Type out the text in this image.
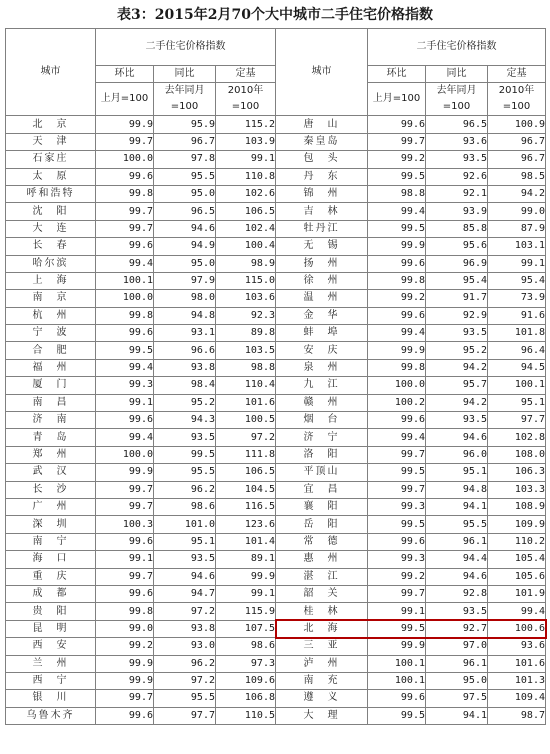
表3：2015年2月70个大中城市二手住宅价格指数
城市	二手住宅价格指数			城市	二手住宅价格指数		
	环比	同比	定基		环比	同比	定基
	上月=100	去年同月=100	2010年=100		上月=100	去年同月=100	2010年=100
北　京	99.9	95.9	115.2	唐　山	99.6	96.5	100.9
天　津	99.7	96.7	103.9	秦皇岛	99.7	93.6	96.7
石家庄	100.0	97.8	99.1	包　头	99.2	93.5	96.7
太　原	99.6	95.5	110.8	丹　东	99.5	92.6	98.5
呼和浩特	99.8	95.0	102.6	锦　州	98.8	92.1	94.2
沈　阳	99.7	96.5	106.5	吉　林	99.4	93.9	99.0
大　连	99.7	94.6	102.4	牡丹江	99.5	85.8	87.9
长　春	99.6	94.9	100.4	无　锡	99.9	95.6	103.1
哈尔滨	99.4	95.0	98.9	扬　州	99.6	96.9	99.1
上　海	100.1	97.9	115.0	徐　州	99.8	95.4	95.4
南　京	100.0	98.0	103.6	温　州	99.2	91.7	73.9
杭　州	99.8	94.8	92.3	金　华	99.6	92.9	91.6
宁　波	99.6	93.1	89.8	蚌　埠	99.4	93.5	101.8
合　肥	99.5	96.6	103.5	安　庆	99.9	95.2	96.4
福　州	99.4	93.8	98.8	泉　州	99.8	94.2	94.5
厦　门	99.3	98.4	110.4	九　江	100.0	95.7	100.1
南　昌	99.1	95.2	101.6	赣　州	100.2	94.2	95.1
济　南	99.6	94.3	100.5	烟　台	99.6	93.5	97.7
青　岛	99.4	93.5	97.2	济　宁	99.4	94.6	102.8
郑　州	100.0	99.5	111.8	洛　阳	99.7	96.0	108.0
武　汉	99.9	95.5	106.5	平顶山	99.5	95.1	106.3
长　沙	99.7	96.2	104.5	宜　昌	99.7	94.8	103.3
广　州	99.7	98.6	116.5	襄　阳	99.3	94.1	108.9
深　圳	100.3	101.0	123.6	岳　阳	99.5	95.5	109.9
南　宁	99.6	95.1	101.4	常　德	99.6	96.1	110.2
海　口	99.1	93.5	89.1	惠　州	99.3	94.4	105.4
重　庆	99.7	94.6	99.9	湛　江	99.2	94.6	105.6
成　都	99.6	94.7	99.1	韶　关	99.7	92.8	101.9
贵　阳	99.8	97.2	115.9	桂　林	99.1	93.5	99.4
昆　明	99.0	93.8	107.5	北　海	99.5	92.7	100.6
西　安	99.2	93.0	98.6	三　亚	99.9	97.0	93.6
兰　州	99.9	96.2	97.3	泸　州	100.1	96.1	101.6
西　宁	99.9	97.2	109.6	南　充	100.1	95.0	101.3
银　川	99.7	95.5	106.8	遵　义	99.6	97.5	109.4
乌鲁木齐	99.6	97.7	110.5	大　理	99.5	94.1	98.7
